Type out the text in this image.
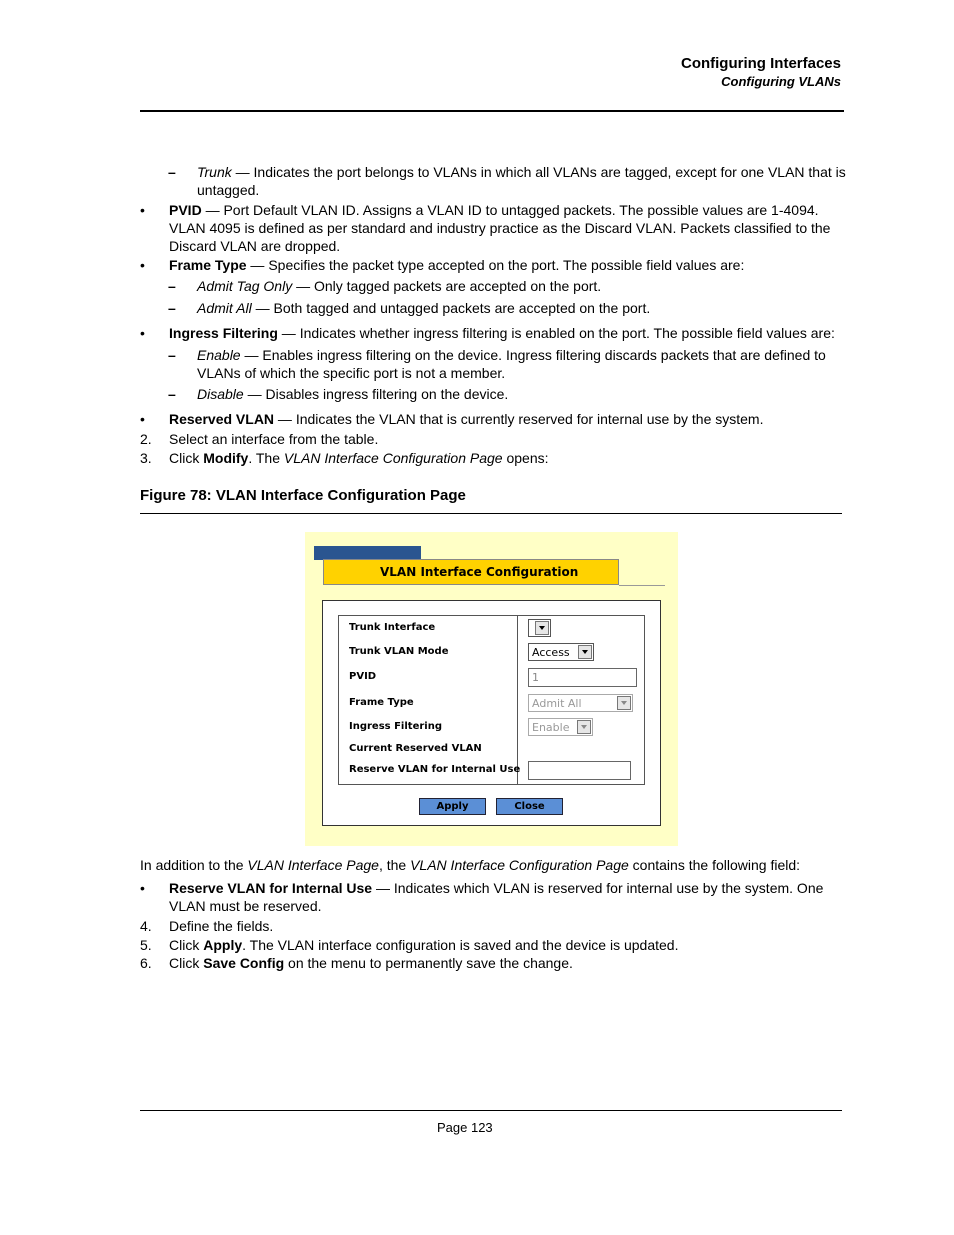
Configuring Interfaces
Configuring VLANs
– Trunk — Indicates the port belongs to VLANs in which all VLANs are tagged, except for one VLAN that is
untagged.
• PVID — Port Default VLAN ID. Assigns a VLAN ID to untagged packets. The possible values are 1-4094.
VLAN 4095 is defined as per standard and industry practice as the Discard VLAN. Packets classified to the
Discard VLAN are dropped.
• Frame Type — Specifies the packet type accepted on the port. The possible field values are:
– Admit Tag Only — Only tagged packets are accepted on the port.
– Admit All — Both tagged and untagged packets are accepted on the port.
• Ingress Filtering — Indicates whether ingress filtering is enabled on the port. The possible field values are:
– Enable — Enables ingress filtering on the device. Ingress filtering discards packets that are defined to
VLANs of which the specific port is not a member.
– Disable — Disables ingress filtering on the device.
• Reserved VLAN — Indicates the VLAN that is currently reserved for internal use by the system.
2. Select an interface from the table.
3. Click Modify. The VLAN Interface Configuration Page opens:
Figure 78: VLAN Interface Configuration Page
VLAN Interface Configuration
Trunk Interface
Trunk VLAN Mode
PVID
Frame Type
Ingress Filtering
Current Reserved VLAN
Reserve VLAN for Internal Use
Access
1
Admit All
Enable
Apply	Close
In addition to the VLAN Interface Page, the VLAN Interface Configuration Page contains the following field:
• Reserve VLAN for Internal Use — Indicates which VLAN is reserved for internal use by the system. One
VLAN must be reserved.
4. Define the fields.
5. Click Apply. The VLAN interface configuration is saved and the device is updated.
6. Click Save Config on the menu to permanently save the change.
Page 123
